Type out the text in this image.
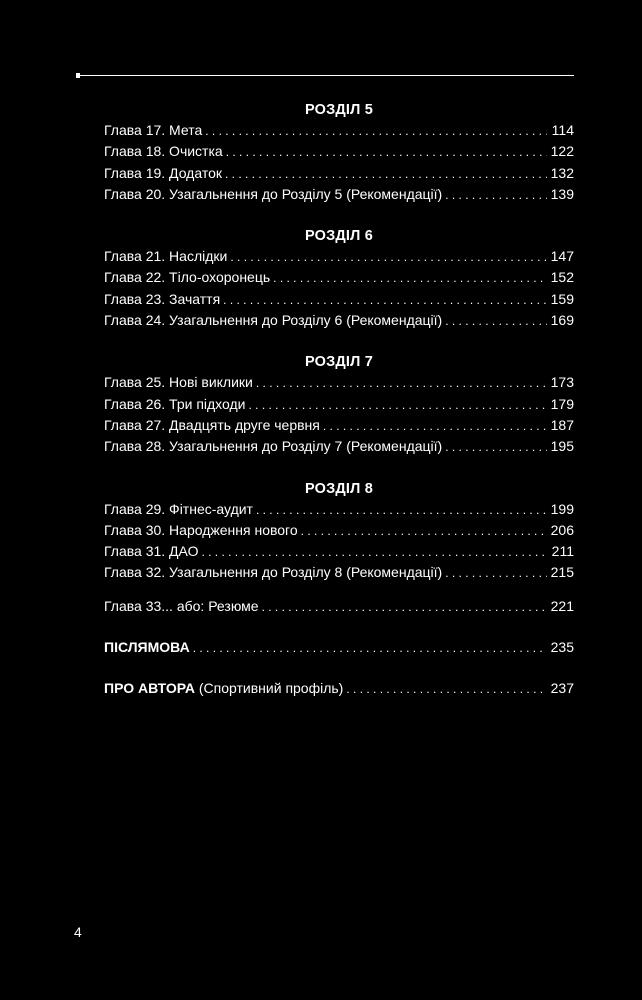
РОЗДІЛ 5
Глава 17. Мета . . .	114
Глава 18. Очистка . . .	122
Глава 19. Додаток . . .	132
Глава 20. Узагальнення до Розділу 5 (Рекомендації) . . .	139
РОЗДІЛ 6
Глава 21. Наслідки . . .	147
Глава 22. Тіло-охоронець . . .	152
Глава 23. Зачаття . . .	159
Глава 24. Узагальнення до Розділу 6 (Рекомендації) . . .	169
РОЗДІЛ 7
Глава 25. Нові виклики . . .	173
Глава 26. Три підходи . . .	179
Глава 27. Двадцять друге червня . . .	187
Глава 28. Узагальнення до Розділу 7 (Рекомендації) . . .	195
РОЗДІЛ 8
Глава 29. Фітнес-аудит . . .	199
Глава 30. Народження нового . . .	206
Глава 31. ДАО . . .	211
Глава 32. Узагальнення до Розділу 8 (Рекомендації) . . .	215
Глава 33... або: Резюме . . .	221
ПІСЛЯМОВА . . .	235
ПРО АВТОРА (Спортивний профіль) . . .	237
4
